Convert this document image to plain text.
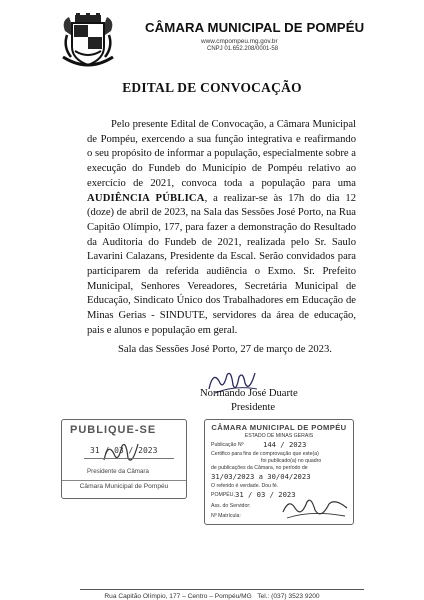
CÂMARA MUNICIPAL DE POMPÉU
www.cmpompeu.mg.gov.br
CNPJ 01.652.208/0001-58
EDITAL DE CONVOCAÇÃO

Pelo presente Edital de Convocação, a Câmara Municipal de Pompéu, exercendo a sua função integrativa e reafirmando o seu propósito de informar a população, especialmente sobre a execução do Fundeb do Município de Pompéu relativo ao exercício de 2021, convoca toda a população para uma AUDIÊNCIA PÚBLICA, a realizar-se às 17h do dia 12 (doze) de abril de 2023, na Sala das Sessões José Porto, na Rua Capitão Olímpio, 177, para fazer a demonstração do Resultado da Auditoria do Fundeb de 2021, realizada pelo Sr. Saulo Lavarini Calazans, Presidente da Escal. Serão convidados para participarem da referida audiência o Exmo. Sr. Prefeito Municipal, Senhores Vereadores, Secretária Municipal de Educação, Sindicato Único dos Trabalhadores em Educação de Minas Gerias - SINDUTE, servidores da área de educação, pais e alunos e população em geral.

Sala das Sessões José Porto, 27 de março de 2023.
Normando José Duarte
Presidente
PUBLIQUE-SE
31 / 03 / 2023
Presidente da Câmara
Câmara Municipal de Pompéu
CÂMARA MUNICIPAL DE POMPÉU
ESTADO DE MINAS GERAIS
Publicação Nº	144 / 2023
Certifico para fins de comprovação que este(a)
foi publicado(a) no quadro
de publicações da Câmara, no período de
31/03/2023 a 30/04/2023
O referido é verdade. Dou fé.
POMPÉU, 31 / 03 / 2023
Ass. do Servidor:
Nº Matrícula:
Rua Capitão Olímpio, 177 – Centro – Pompéu/MG Tel.: (037) 3523 9200
